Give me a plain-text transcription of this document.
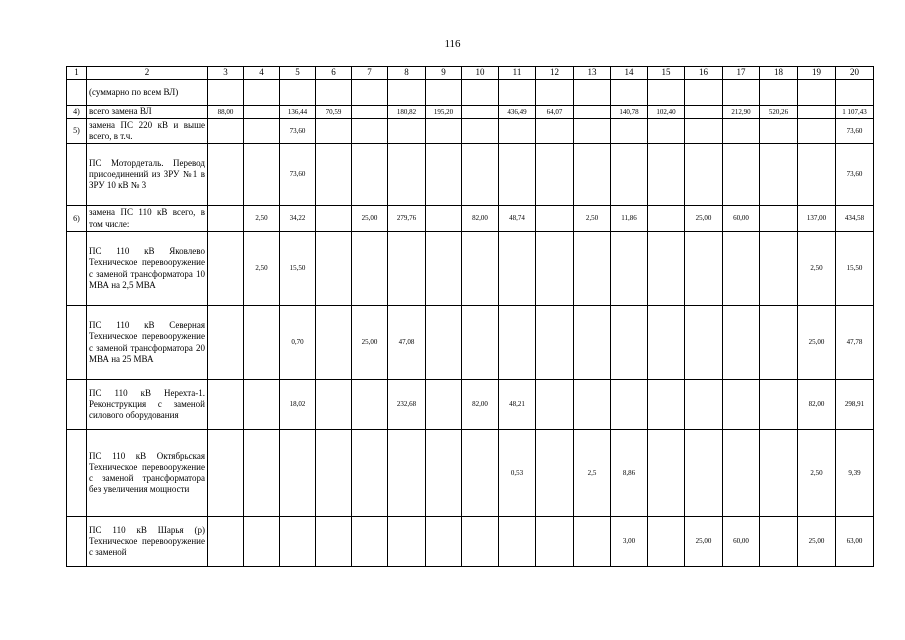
116
1	2	3	4	5	6	7	8	9	10	11	12	13	14	15	16	17	18	19	20
	(суммарно по всем ВЛ)																		
4)	всего замена ВЛ	88,00		136,44	70,59		180,82	195,20		436,49	64,07		140,78	102,40		212,90	520,26		1 107,43
5)	замена ПС 220 кВ и выше всего, в т.ч.			73,60															73,60
	ПС Мотордеталь. Перевод присоединений из ЗРУ №1 в ЗРУ 10 кВ № 3			73,60															73,60
6)	замена ПС 110 кВ всего, в том числе:		2,50	34,22		25,00	279,76		82,00	48,74		2,50	11,86		25,00	60,00		137,00	434,58
	ПС 110 кВ Яковлево Техническое перевооружение с заменой трансформатора 10 МВА на 2,5 МВА		2,50	15,50														2,50	15,50
	ПС 110 кВ Северная Техническое перевооружение с заменой трансформатора 20 МВА на 25 МВА			0,70		25,00	47,08											25,00	47,78
	ПС 110 кВ Нерехта-1. Реконструкция с заменой силового оборудования			18,02			232,68		82,00	48,21								82,00	298,91
	ПС 110 кВ Октябрьская Техническое перевооружение с заменой трансформатора без увеличения мощности									0,53		2,5	8,86					2,50	9,39
	ПС 110 кВ Шарья (р) Техническое перевооружение с заменой												3,00		25,00	60,00		25,00	63,00
